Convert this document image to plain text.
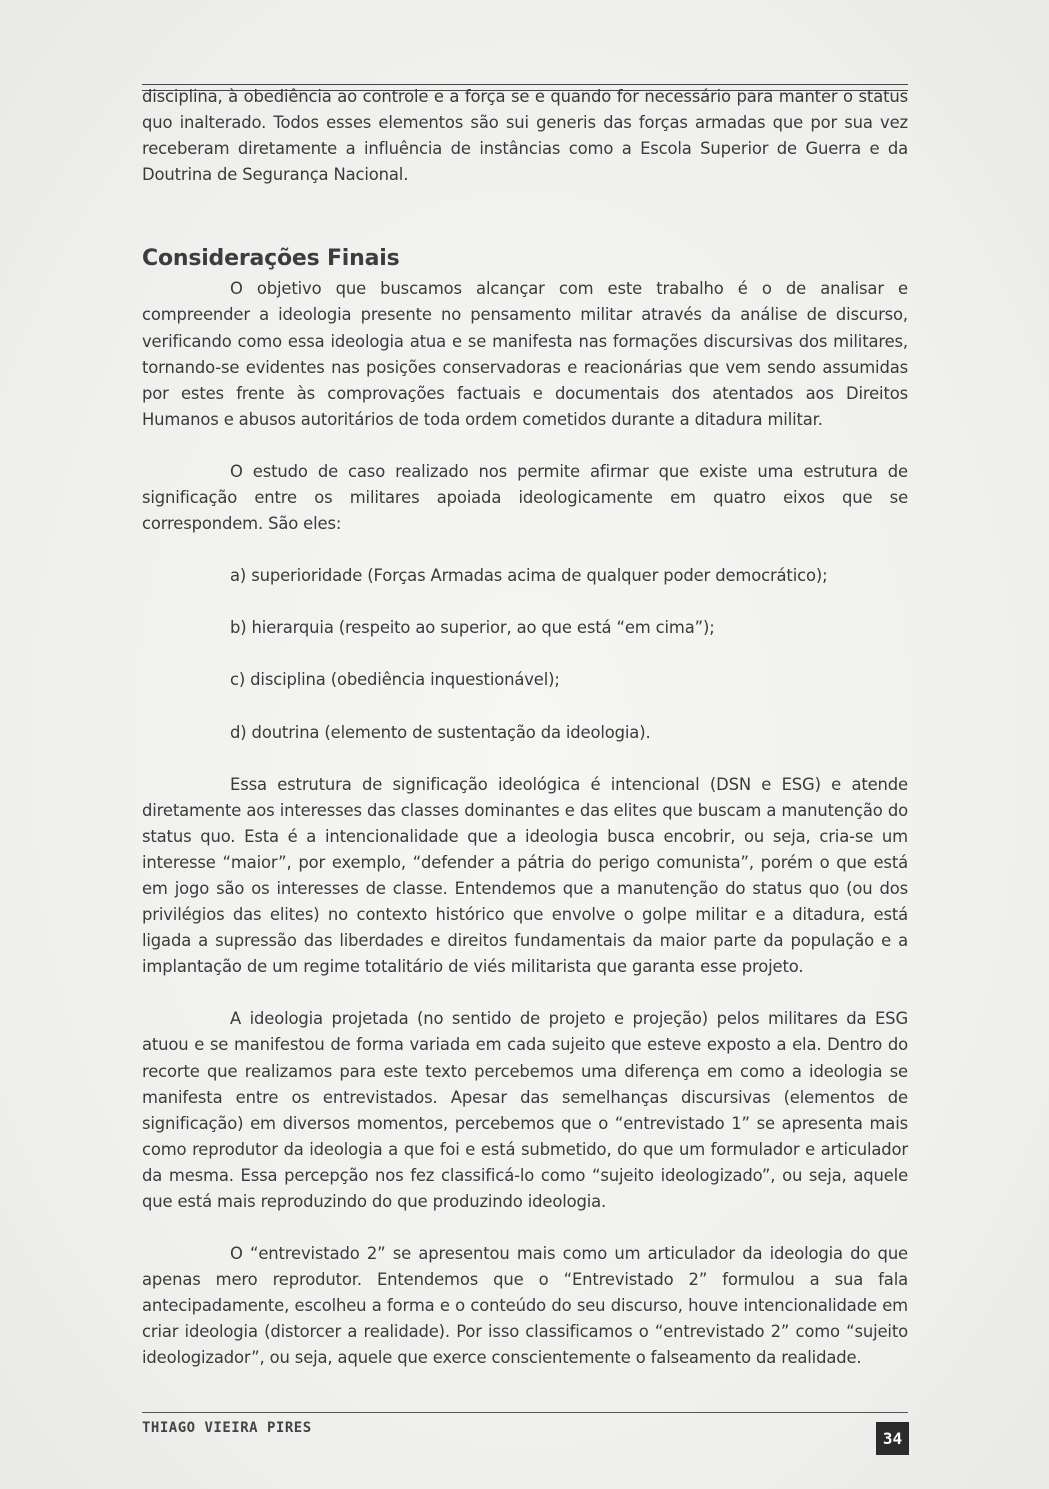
disciplina, à obediência ao controle e a força se e quando for necessário para manter o status quo inalterado. Todos esses elementos são sui generis das forças armadas que por sua vez receberam diretamente a influência de instâncias como a Escola Superior de Guerra e da Doutrina de Segurança Nacional.

Considerações Finais

O objetivo que buscamos alcançar com este trabalho é o de analisar e compreender a ideologia presente no pensamento militar através da análise de discurso, verificando como essa ideologia atua e se manifesta nas formações discursivas dos militares, tornando-se evidentes nas posições conservadoras e reacionárias que vem sendo assumidas por estes frente às comprovações factuais e documentais dos atentados aos Direitos Humanos e abusos autoritários de toda ordem cometidos durante a ditadura militar.

O estudo de caso realizado nos permite afirmar que existe uma estrutura de significação entre os militares apoiada ideologicamente em quatro eixos que se correspondem. São eles:

a) superioridade (Forças Armadas acima de qualquer poder democrático);

b) hierarquia (respeito ao superior, ao que está “em cima”);

c) disciplina (obediência inquestionável);

d) doutrina (elemento de sustentação da ideologia).

Essa estrutura de significação ideológica é intencional (DSN e ESG) e atende diretamente aos interesses das classes dominantes e das elites que buscam a manutenção do status quo. Esta é a intencionalidade que a ideologia busca encobrir, ou seja, cria-se um interesse “maior”, por exemplo, “defender a pátria do perigo comunista”, porém o que está em jogo são os interesses de classe. Entendemos que a manutenção do status quo (ou dos privilégios das elites) no contexto histórico que envolve o golpe militar e a ditadura, está ligada a supressão das liberdades e direitos fundamentais da maior parte da população e a implantação de um regime totalitário de viés militarista que garanta esse projeto.

A ideologia projetada (no sentido de projeto e projeção) pelos militares da ESG atuou e se manifestou de forma variada em cada sujeito que esteve exposto a ela. Dentro do recorte que realizamos para este texto percebemos uma diferença em como a ideologia se manifesta entre os entrevistados. Apesar das semelhanças discursivas (elementos de significação) em diversos momentos, percebemos que o “entrevistado 1” se apresenta mais como reprodutor da ideologia a que foi e está submetido, do que um formulador e articulador da mesma. Essa percepção nos fez classificá-lo como “sujeito ideologizado”, ou seja, aquele que está mais reproduzindo do que produzindo ideologia.

O “entrevistado 2” se apresentou mais como um articulador da ideologia do que apenas mero reprodutor. Entendemos que o “Entrevistado 2” formulou a sua fala antecipadamente, escolheu a forma e o conteúdo do seu discurso, houve intencionalidade em criar ideologia (distorcer a realidade). Por isso classificamos o “entrevistado 2” como “sujeito ideologizador”, ou seja, aquele que exerce conscientemente o falseamento da realidade.

THIAGO VIEIRA PIRES
34
